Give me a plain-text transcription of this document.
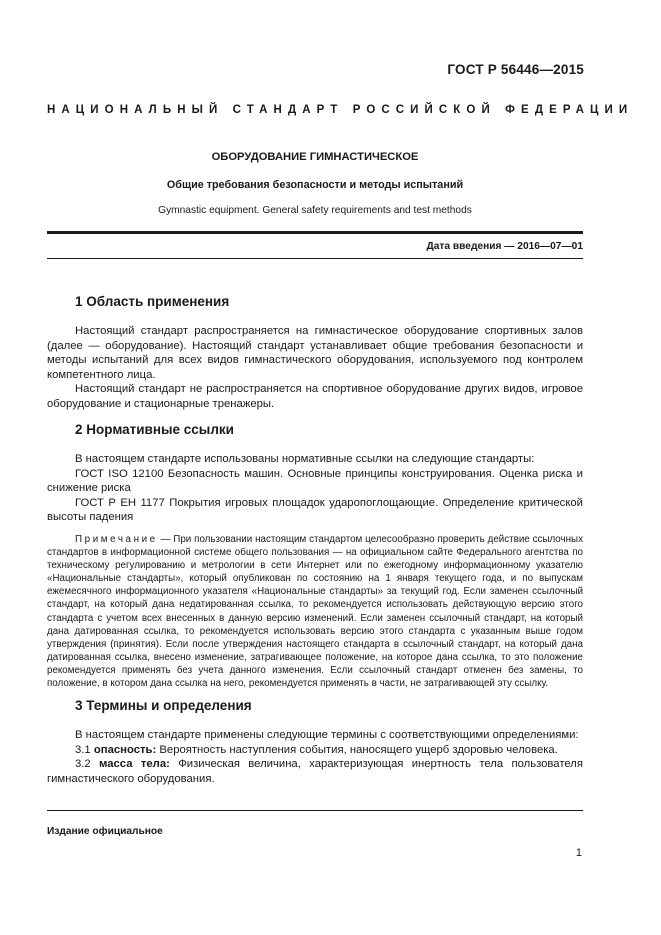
ГОСТ Р 56446—2015
НАЦИОНАЛЬНЫЙ СТАНДАРТ РОССИЙСКОЙ ФЕДЕРАЦИИ
ОБОРУДОВАНИЕ ГИМНАСТИЧЕСКОЕ
Общие требования безопасности и методы испытаний
Gymnastic equipment. General safety requirements and test methods
Дата введения — 2016—07—01
1 Область применения

Настоящий стандарт распространяется на гимнастическое оборудование спортивных залов (далее — оборудование). Настоящий стандарт устанавливает общие требования безопасности и методы испытаний для всех видов гимнастического оборудования, используемого под контролем компетентного лица.

Настоящий стандарт не распространяется на спортивное оборудование других видов, игровое оборудование и стационарные тренажеры.

2 Нормативные ссылки

В настоящем стандарте использованы нормативные ссылки на следующие стандарты:

ГОСТ ISO 12100 Безопасность машин. Основные принципы конструирования. Оценка риска и снижение риска

ГОСТ Р ЕН 1177 Покрытия игровых площадок ударопоглощающие. Определение критической высоты падения

Примечание — При пользовании настоящим стандартом целесообразно проверить действие ссылочных стандартов в информационной системе общего пользования — на официальном сайте Федерального агентства по техническому регулированию и метрологии в сети Интернет или по ежегодному информационному указателю «Национальные стандарты», который опубликован по состоянию на 1 января текущего года, и по выпускам ежемесячного информационного указателя «Национальные стандарты» за текущий год. Если заменен ссылочный стандарт, на который дана недатированная ссылка, то рекомендуется использовать действующую версию этого стандарта с учетом всех внесенных в данную версию изменений. Если заменен ссылочный стандарт, на который дана датированная ссылка, то рекомендуется использовать версию этого стандарта с указанным выше годом утверждения (принятия). Если после утверждения настоящего стандарта в ссылочный стандарт, на который дана датированная ссылка, внесено изменение, затрагивающее положение, на которое дана ссылка, то это положение рекомендуется применять без учета данного изменения. Если ссылочный стандарт отменен без замены, то положение, в котором дана ссылка на него, рекомендуется применять в части, не затрагивающей эту ссылку.

3 Термины и определения

В настоящем стандарте применены следующие термины с соответствующими определениями:

3.1 опасность: Вероятность наступления события, наносящего ущерб здоровью человека.

3.2 масса тела: Физическая величина, характеризующая инертность тела пользователя гимнастического оборудования.

Издание официальное
1
